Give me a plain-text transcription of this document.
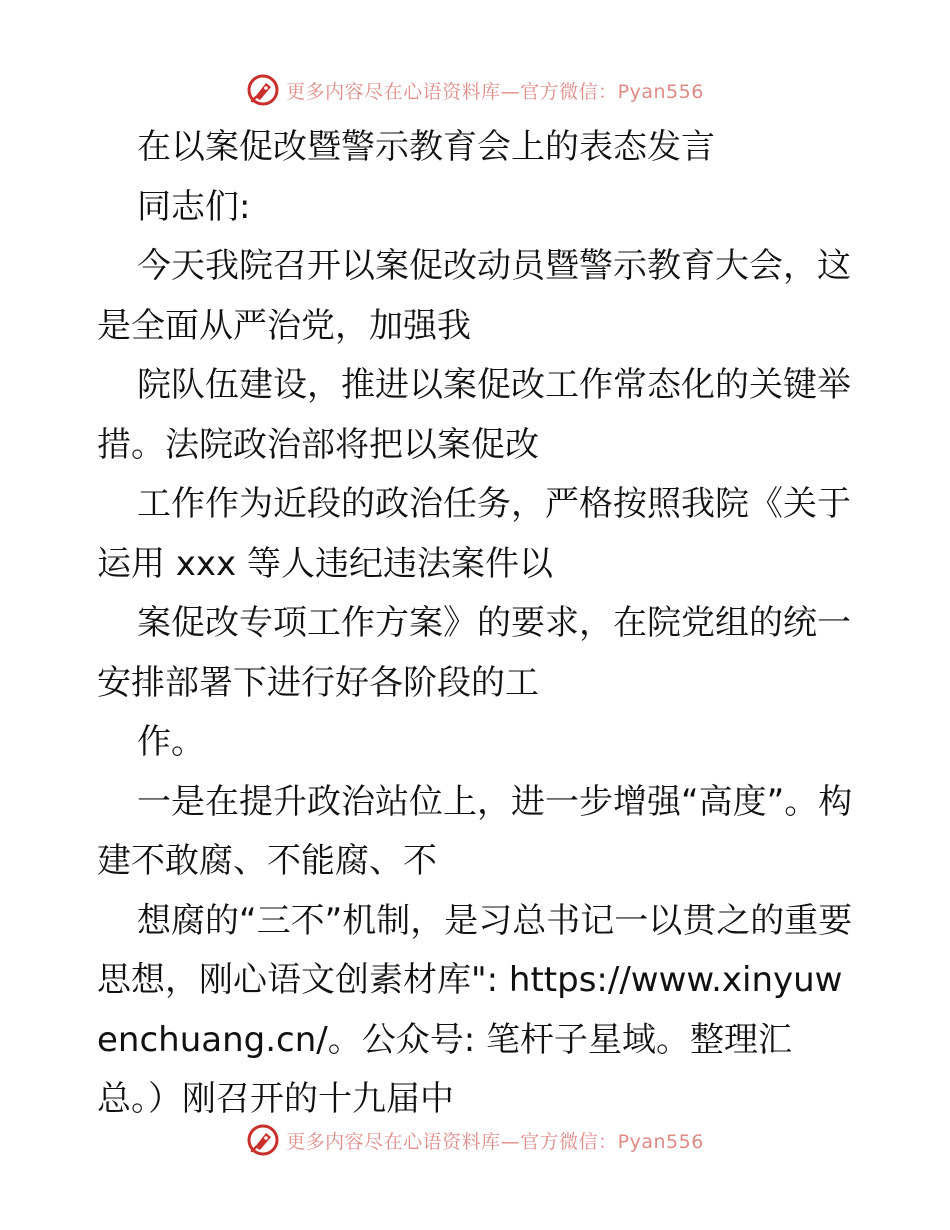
更多内容尽在心语资料库—官方微信：Pyan556

在以案促改暨警示教育会上的表态发言

同志们:

今天我院召开以案促改动员暨警示教育大会，这是全面从严治党，加强我

院队伍建设，推进以案促改工作常态化的关键举措。法院政治部将把以案促改

工作作为近段的政治任务，严格按照我院《关于运用 xxx 等人违纪违法案件以

案促改专项工作方案》的要求，在院党组的统一安排部署下进行好各阶段的工

作。

一是在提升政治站位上，进一步增强“高度”。构建不敢腐、不能腐、不

想腐的“三不”机制，是习总书记一以贯之的重要思想，刚心语文创素材库": https://www.xinyuwenchuang.cn/。公众号: 笔杆子星域。整理汇总。）刚召开的十九届中

更多内容尽在心语资料库—官方微信：Pyan556
